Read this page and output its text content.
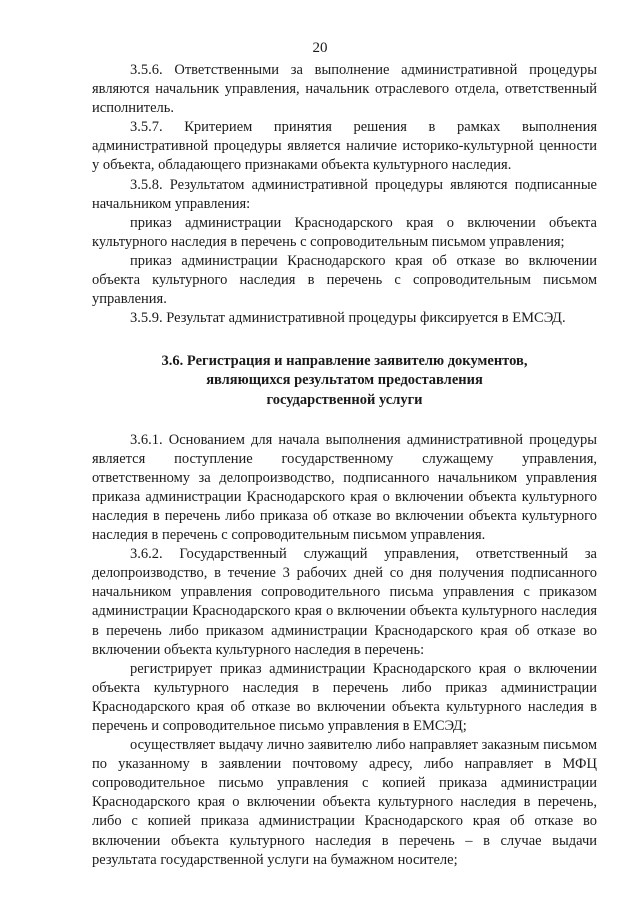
20

3.5.6. Ответственными за выполнение административной процедуры являются начальник управления, начальник отраслевого отдела, ответственный исполнитель.

3.5.7. Критерием принятия решения в рамках выполнения административной процедуры является наличие историко-культурной ценности у объекта, обладающего признаками объекта культурного наследия.

3.5.8. Результатом административной процедуры являются подписанные начальником управления:

приказ администрации Краснодарского края о включении объекта культурного наследия в перечень с сопроводительным письмом управления;

приказ администрации Краснодарского края об отказе во включении объекта культурного наследия в перечень с сопроводительным письмом управления.

3.5.9. Результат административной процедуры фиксируется в ЕМСЭД.

3.6. Регистрация и направление заявителю документов,
являющихся результатом предоставления
государственной услуги

3.6.1. Основанием для начала выполнения административной процедуры является поступление государственному служащему управления, ответственному за делопроизводство, подписанного начальником управления приказа администрации Краснодарского края о включении объекта культурного наследия в перечень либо приказа об отказе во включении объекта культурного наследия в перечень с сопроводительным письмом управления.

3.6.2. Государственный служащий управления, ответственный за делопроизводство, в течение 3 рабочих дней со дня получения подписанного начальником управления сопроводительного письма управления с приказом администрации Краснодарского края о включении объекта культурного наследия в перечень либо приказом администрации Краснодарского края об отказе во включении объекта культурного наследия в перечень:

регистрирует приказ администрации Краснодарского края о включении объекта культурного наследия в перечень либо приказ администрации Краснодарского края об отказе во включении объекта культурного наследия в перечень и сопроводительное письмо управления в ЕМСЭД;

осуществляет выдачу лично заявителю либо направляет заказным письмом по указанному в заявлении почтовому адресу, либо направляет в МФЦ сопроводительное письмо управления с копией приказа администрации Краснодарского края о включении объекта культурного наследия в перечень, либо с копией приказа администрации Краснодарского края об отказе во включении объекта культурного наследия в перечень – в случае выдачи результата государственной услуги на бумажном носителе;
